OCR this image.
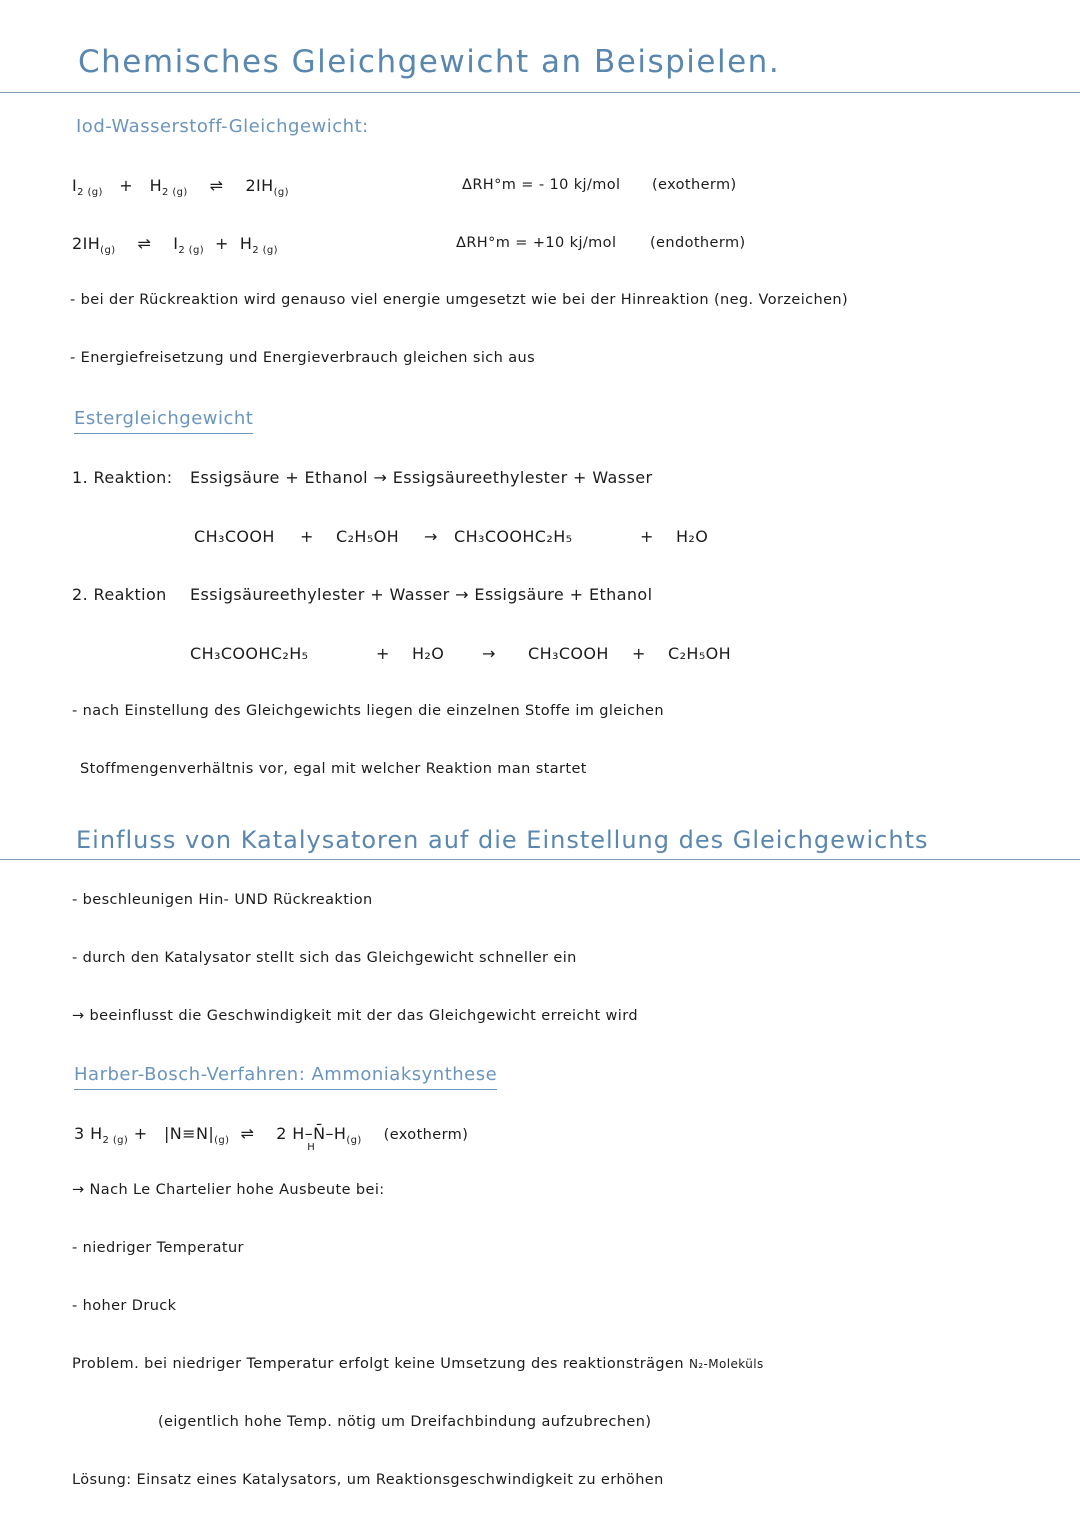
Chemisches Gleichgewicht an Beispielen.
Iod-Wasserstoff-Gleichgewicht:
$I_{2 (g)} + H_{2 (g)}$ ⇌ $2IH_{(g)}$	ΔRH°m = - 10 kj/mol (exotherm)
$2IH_{(g)}$ ⇌ $I_{2 (g)} + H_{2 (g)}$	ΔRH°m = +10 kj/mol (endotherm)
- bei der Rückreaktion wird genauso viel energie umgesetzt wie bei der Hinreaktion (neg. Vorzeichen)
- Energiefreisetzung und Energieverbrauch gleichen sich aus
Estergleichgewicht
1. Reaktion: Essigsäure + Ethanol → Essigsäureethylester + Wasser
CH₃COOH + C₂H₅OH → CH₃COOHC₂H₅	+ H₂O
2. Reaktion Essigsäureethylester + Wasser → Essigsäure + Ethanol
CH₃COOHC₂H₅	+ H₂O → CH₃COOH + C₂H₅OH
- nach Einstellung des Gleichgewichts liegen die einzelnen Stoffe im gleichen
Stoffmengenverhältnis vor, egal mit welcher Reaktion man startet
Einfluss von Katalysatoren auf die Einstellung des Gleichgewichts
- beschleunigen Hin- UND Rückreaktion
- durch den Katalysator stellt sich das Gleichgewicht schneller ein
→ beeinflusst die Geschwindigkeit mit der das Gleichgewicht erreicht wird
Harber-Bosch-Verfahren: Ammoniaksynthese
3 $H_{2 (g)} + |N\equiv N|_{(g)}$ ⇌ 2 H–N̄–H
H
$_{(g)}$ (exotherm)
→ Nach Le Chartelier hohe Ausbeute bei:
- niedriger Temperatur
- hoher Druck
Problem. bei niedriger Temperatur erfolgt keine Umsetzung des reaktionsträgen N₂-Moleküls
(eigentlich hohe Temp. nötig um Dreifachbindung aufzubrechen)
Lösung: Einsatz eines Katalysators, um Reaktionsgeschwindigkeit zu erhöhen
